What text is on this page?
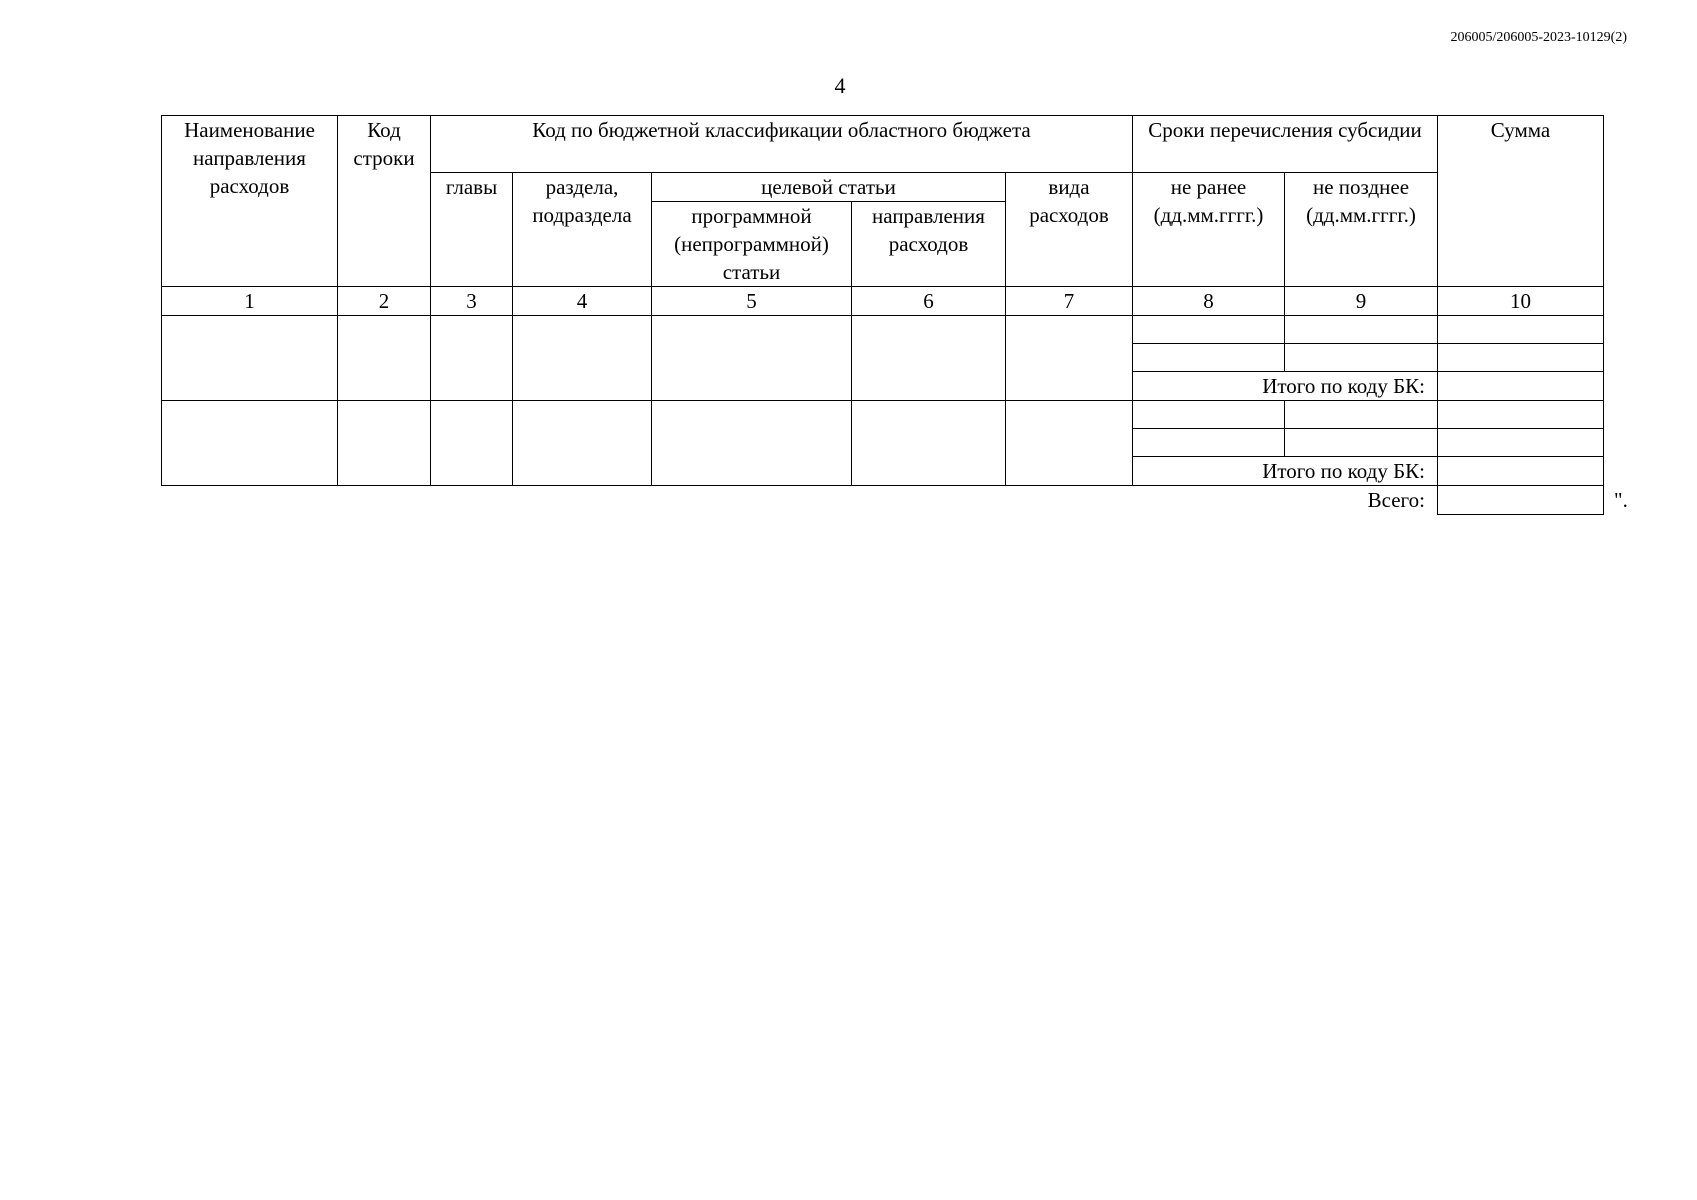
206005/206005-2023-10129(2)
4
Наименование направления расходов	Код строки	Код по бюджетной классификации областного бюджета					Сроки перечисления субсидии		Сумма	
		главы	раздела, подраздела	целевой статьи		вида расходов	не ранее (дд.мм.гггг.)	не позднее (дд.мм.гггг.)		
				программной (непрограммной) статьи	направления расходов					

1	2	3	4	5	6	7	8	9	10	

							Итого по коду БК:			

							Итого по коду БК:			
								Всего:		".
